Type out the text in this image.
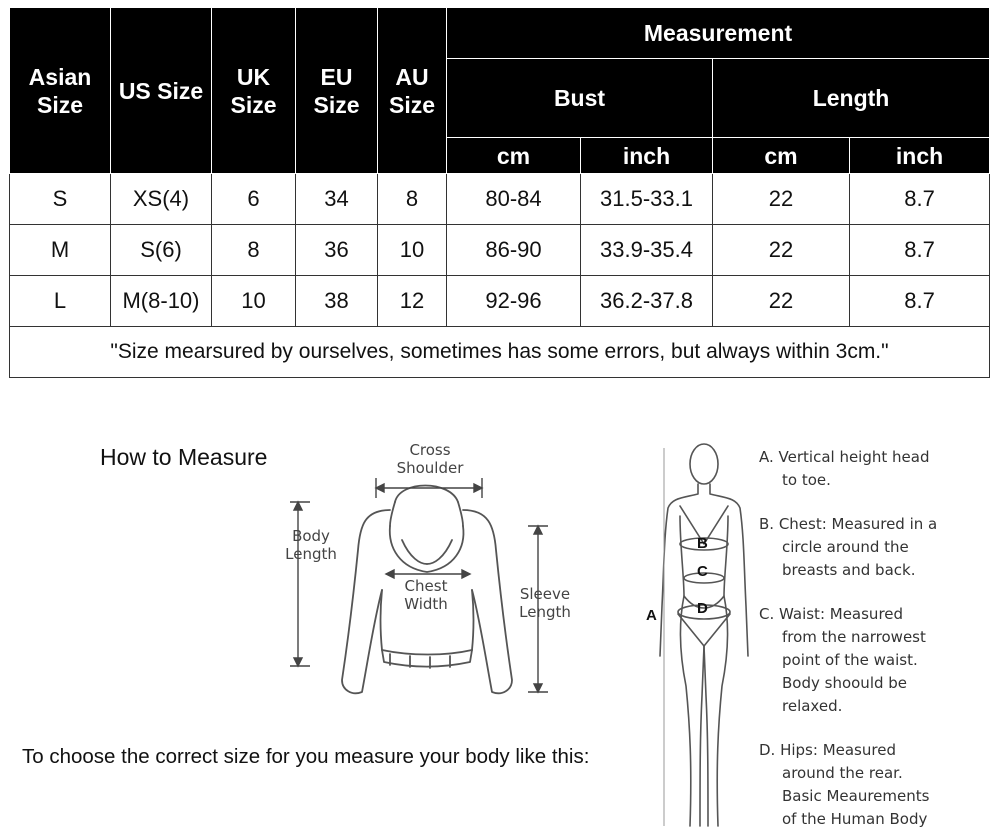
Asian Size	US Size	UK Size	EU Size	AU Size	Measurement			
					Bust		Length	
					cm	inch	cm	inch
S	XS(4)	6	34	8	80-84	31.5-33.1	22	8.7
M	S(6)	8	36	10	86-90	33.9-35.4	22	8.7
L	M(8-10)	10	38	12	92-96	36.2-37.8	22	8.7
"Size mearsured by ourselves, sometimes has some errors, but always within 3cm."								
How to Measure
To choose the correct size for you measure your body like this:
Cross
Shoulder
Body
Length
Chest
Width
Sleeve
Length
B
C
D
A
A. Vertical height head
to toe.
B. Chest: Measured in a
circle around the
breasts and back.
C. Waist: Measured
from the narrowest
point of the waist.
Body shoould be
relaxed.
D. Hips: Measured
around the rear.
Basic Meaurements
of the Human Body
